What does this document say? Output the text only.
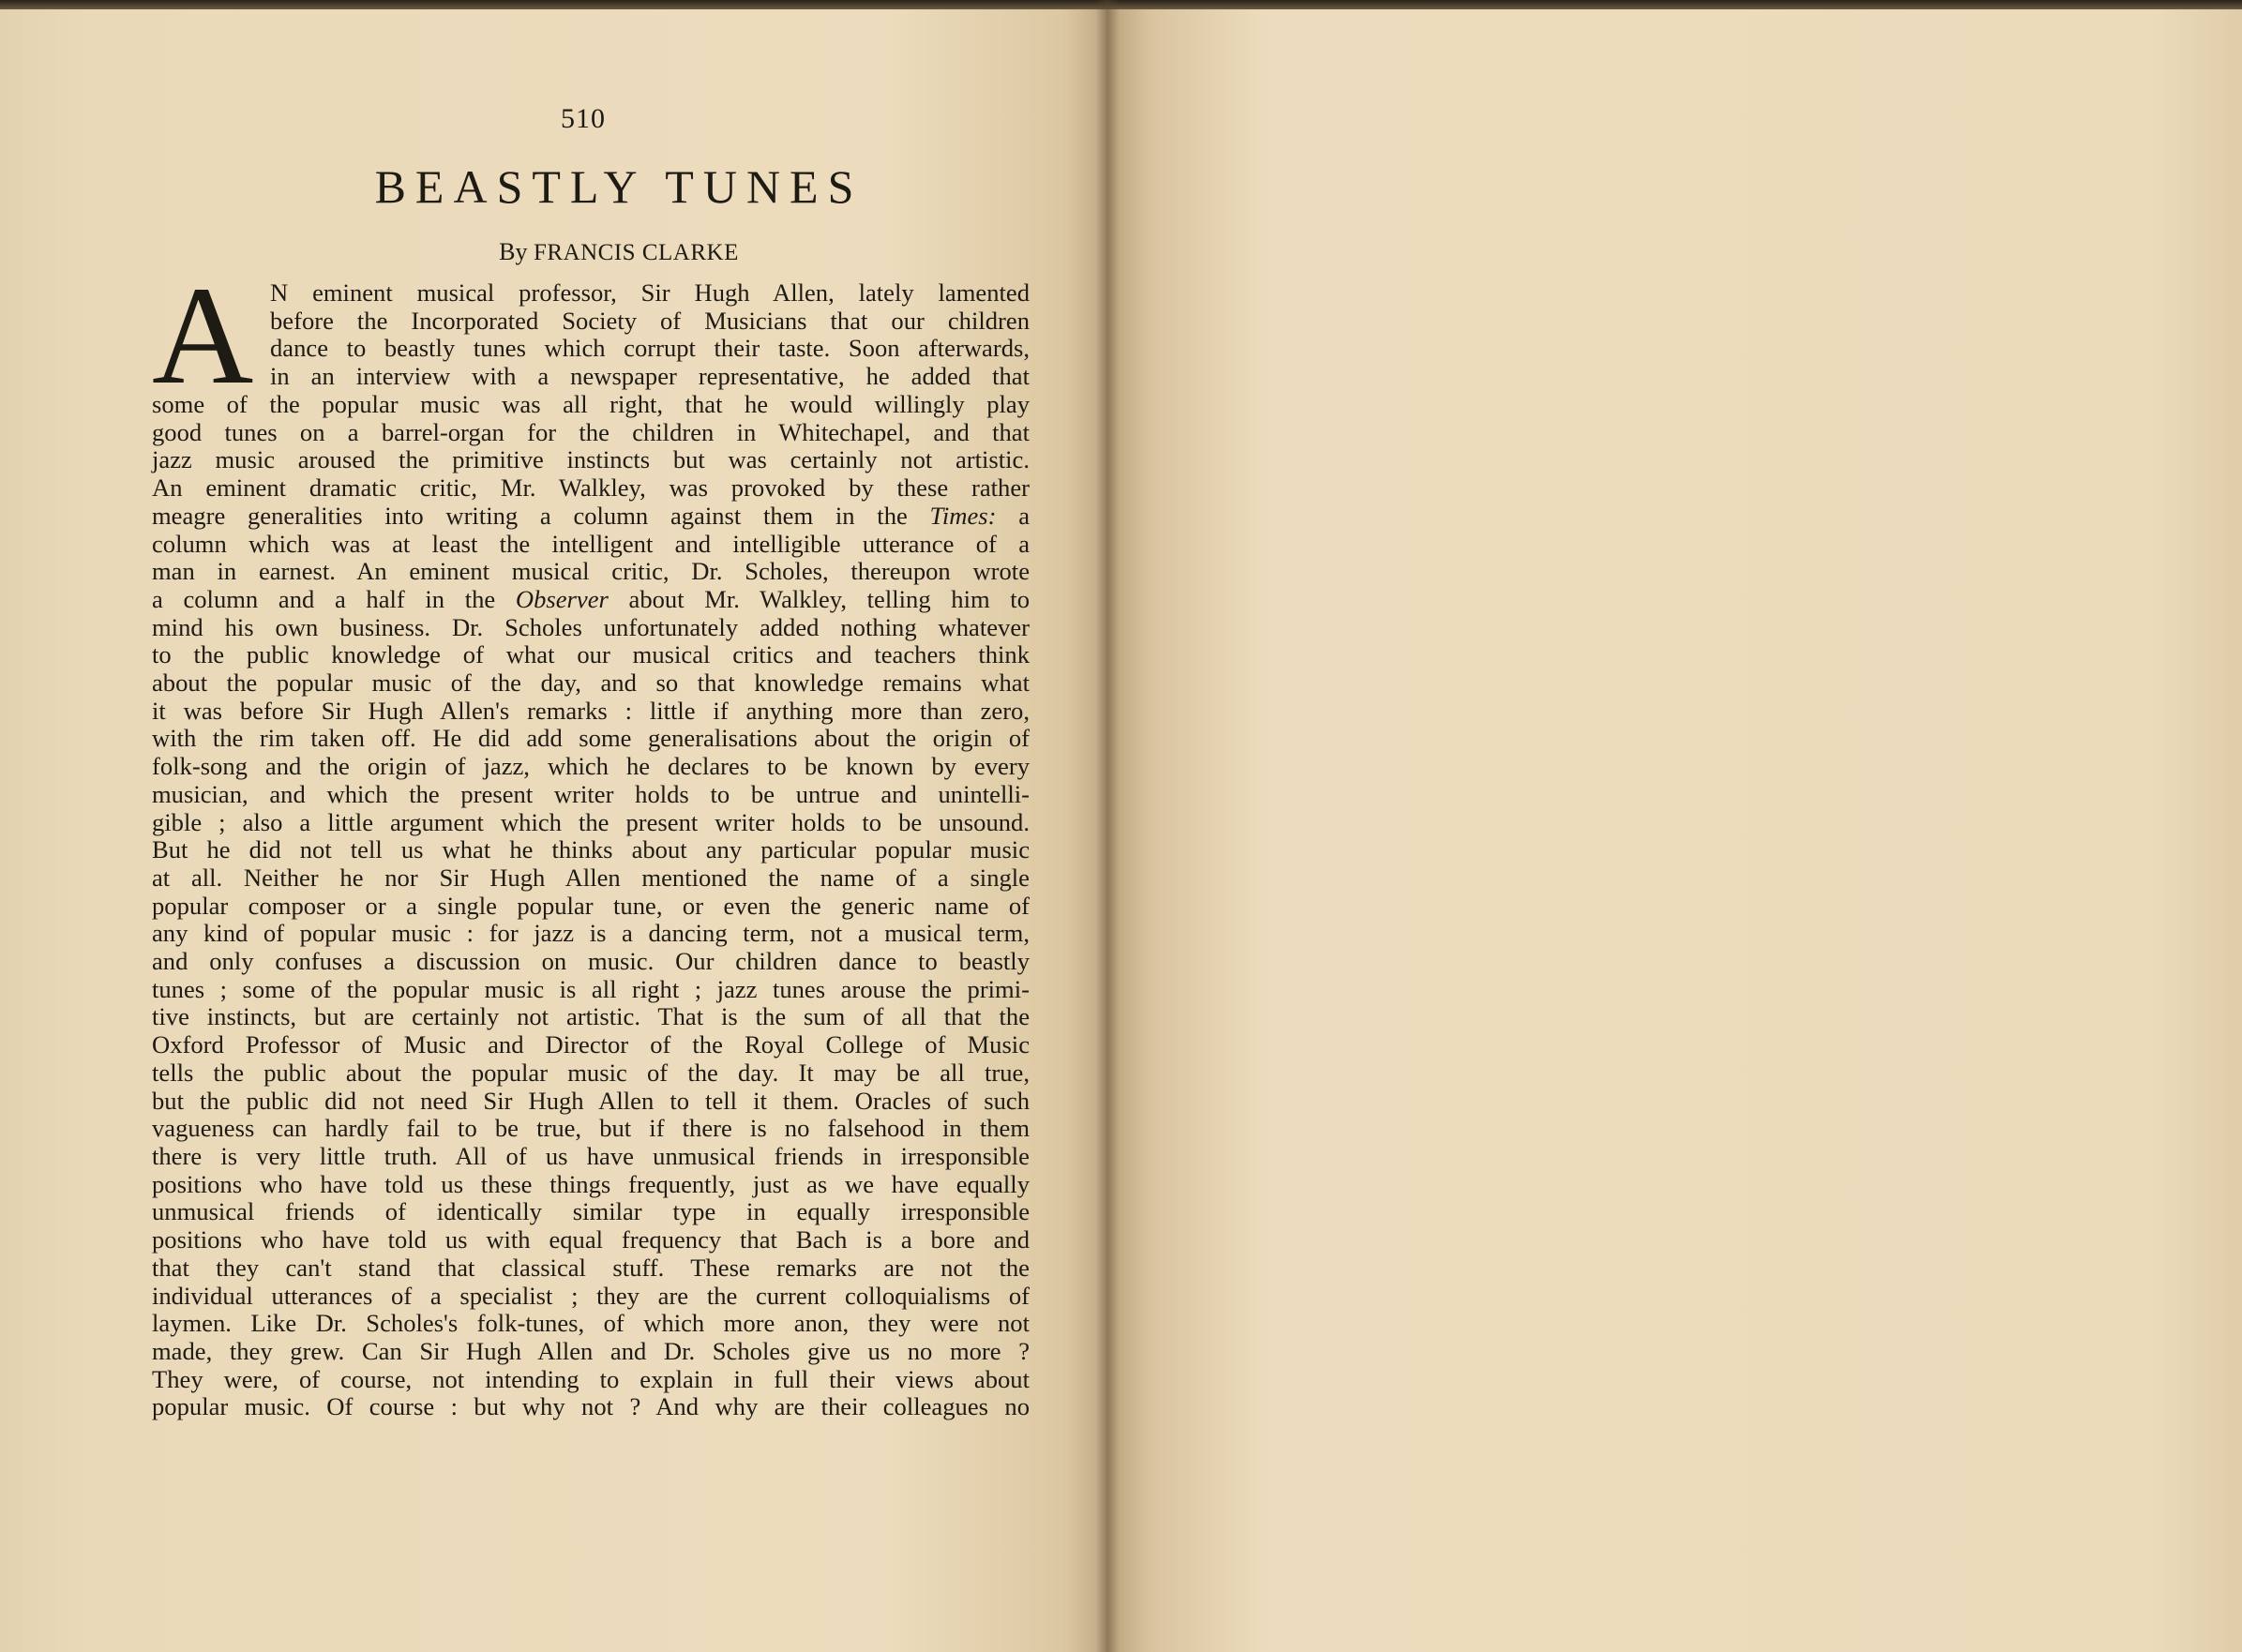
510
BEASTLY TUNES
By FRANCIS CLARKE
A N eminent musical professor, Sir Hugh Allen, lately lamented
before the Incorporated Society of Musicians that our children
dance to beastly tunes which corrupt their taste. Soon afterwards,
in an interview with a newspaper representative, he added that
some of the popular music was all right, that he would willingly play
good tunes on a barrel-organ for the children in Whitechapel, and that
jazz music aroused the primitive instincts but was certainly not artistic.
An eminent dramatic critic, Mr. Walkley, was provoked by these rather
meagre generalities into writing a column against them in the Times: a
column which was at least the intelligent and intelligible utterance of a
man in earnest. An eminent musical critic, Dr. Scholes, thereupon wrote
a column and a half in the Observer about Mr. Walkley, telling him to
mind his own business. Dr. Scholes unfortunately added nothing whatever
to the public knowledge of what our musical critics and teachers think
about the popular music of the day, and so that knowledge remains what
it was before Sir Hugh Allen's remarks : little if anything more than zero,
with the rim taken off. He did add some generalisations about the origin of
folk-song and the origin of jazz, which he declares to be known by every
musician, and which the present writer holds to be untrue and unintelli-
gible ; also a little argument which the present writer holds to be unsound.
But he did not tell us what he thinks about any particular popular music
at all. Neither he nor Sir Hugh Allen mentioned the name of a single
popular composer or a single popular tune, or even the generic name of
any kind of popular music : for jazz is a dancing term, not a musical term,
and only confuses a discussion on music. Our children dance to beastly
tunes ; some of the popular music is all right ; jazz tunes arouse the primi-
tive instincts, but are certainly not artistic. That is the sum of all that the
Oxford Professor of Music and Director of the Royal College of Music
tells the public about the popular music of the day. It may be all true,
but the public did not need Sir Hugh Allen to tell it them. Oracles of such
vagueness can hardly fail to be true, but if there is no falsehood in them
there is very little truth. All of us have unmusical friends in irresponsible
positions who have told us these things frequently, just as we have equally
unmusical friends of identically similar type in equally irresponsible
positions who have told us with equal frequency that Bach is a bore and
that they can't stand that classical stuff. These remarks are not the
individual utterances of a specialist ; they are the current colloquialisms of
laymen. Like Dr. Scholes's folk-tunes, of which more anon, they were not
made, they grew. Can Sir Hugh Allen and Dr. Scholes give us no more ?
They were, of course, not intending to explain in full their views about
popular music. Of course : but why not ? And why are their colleagues no
